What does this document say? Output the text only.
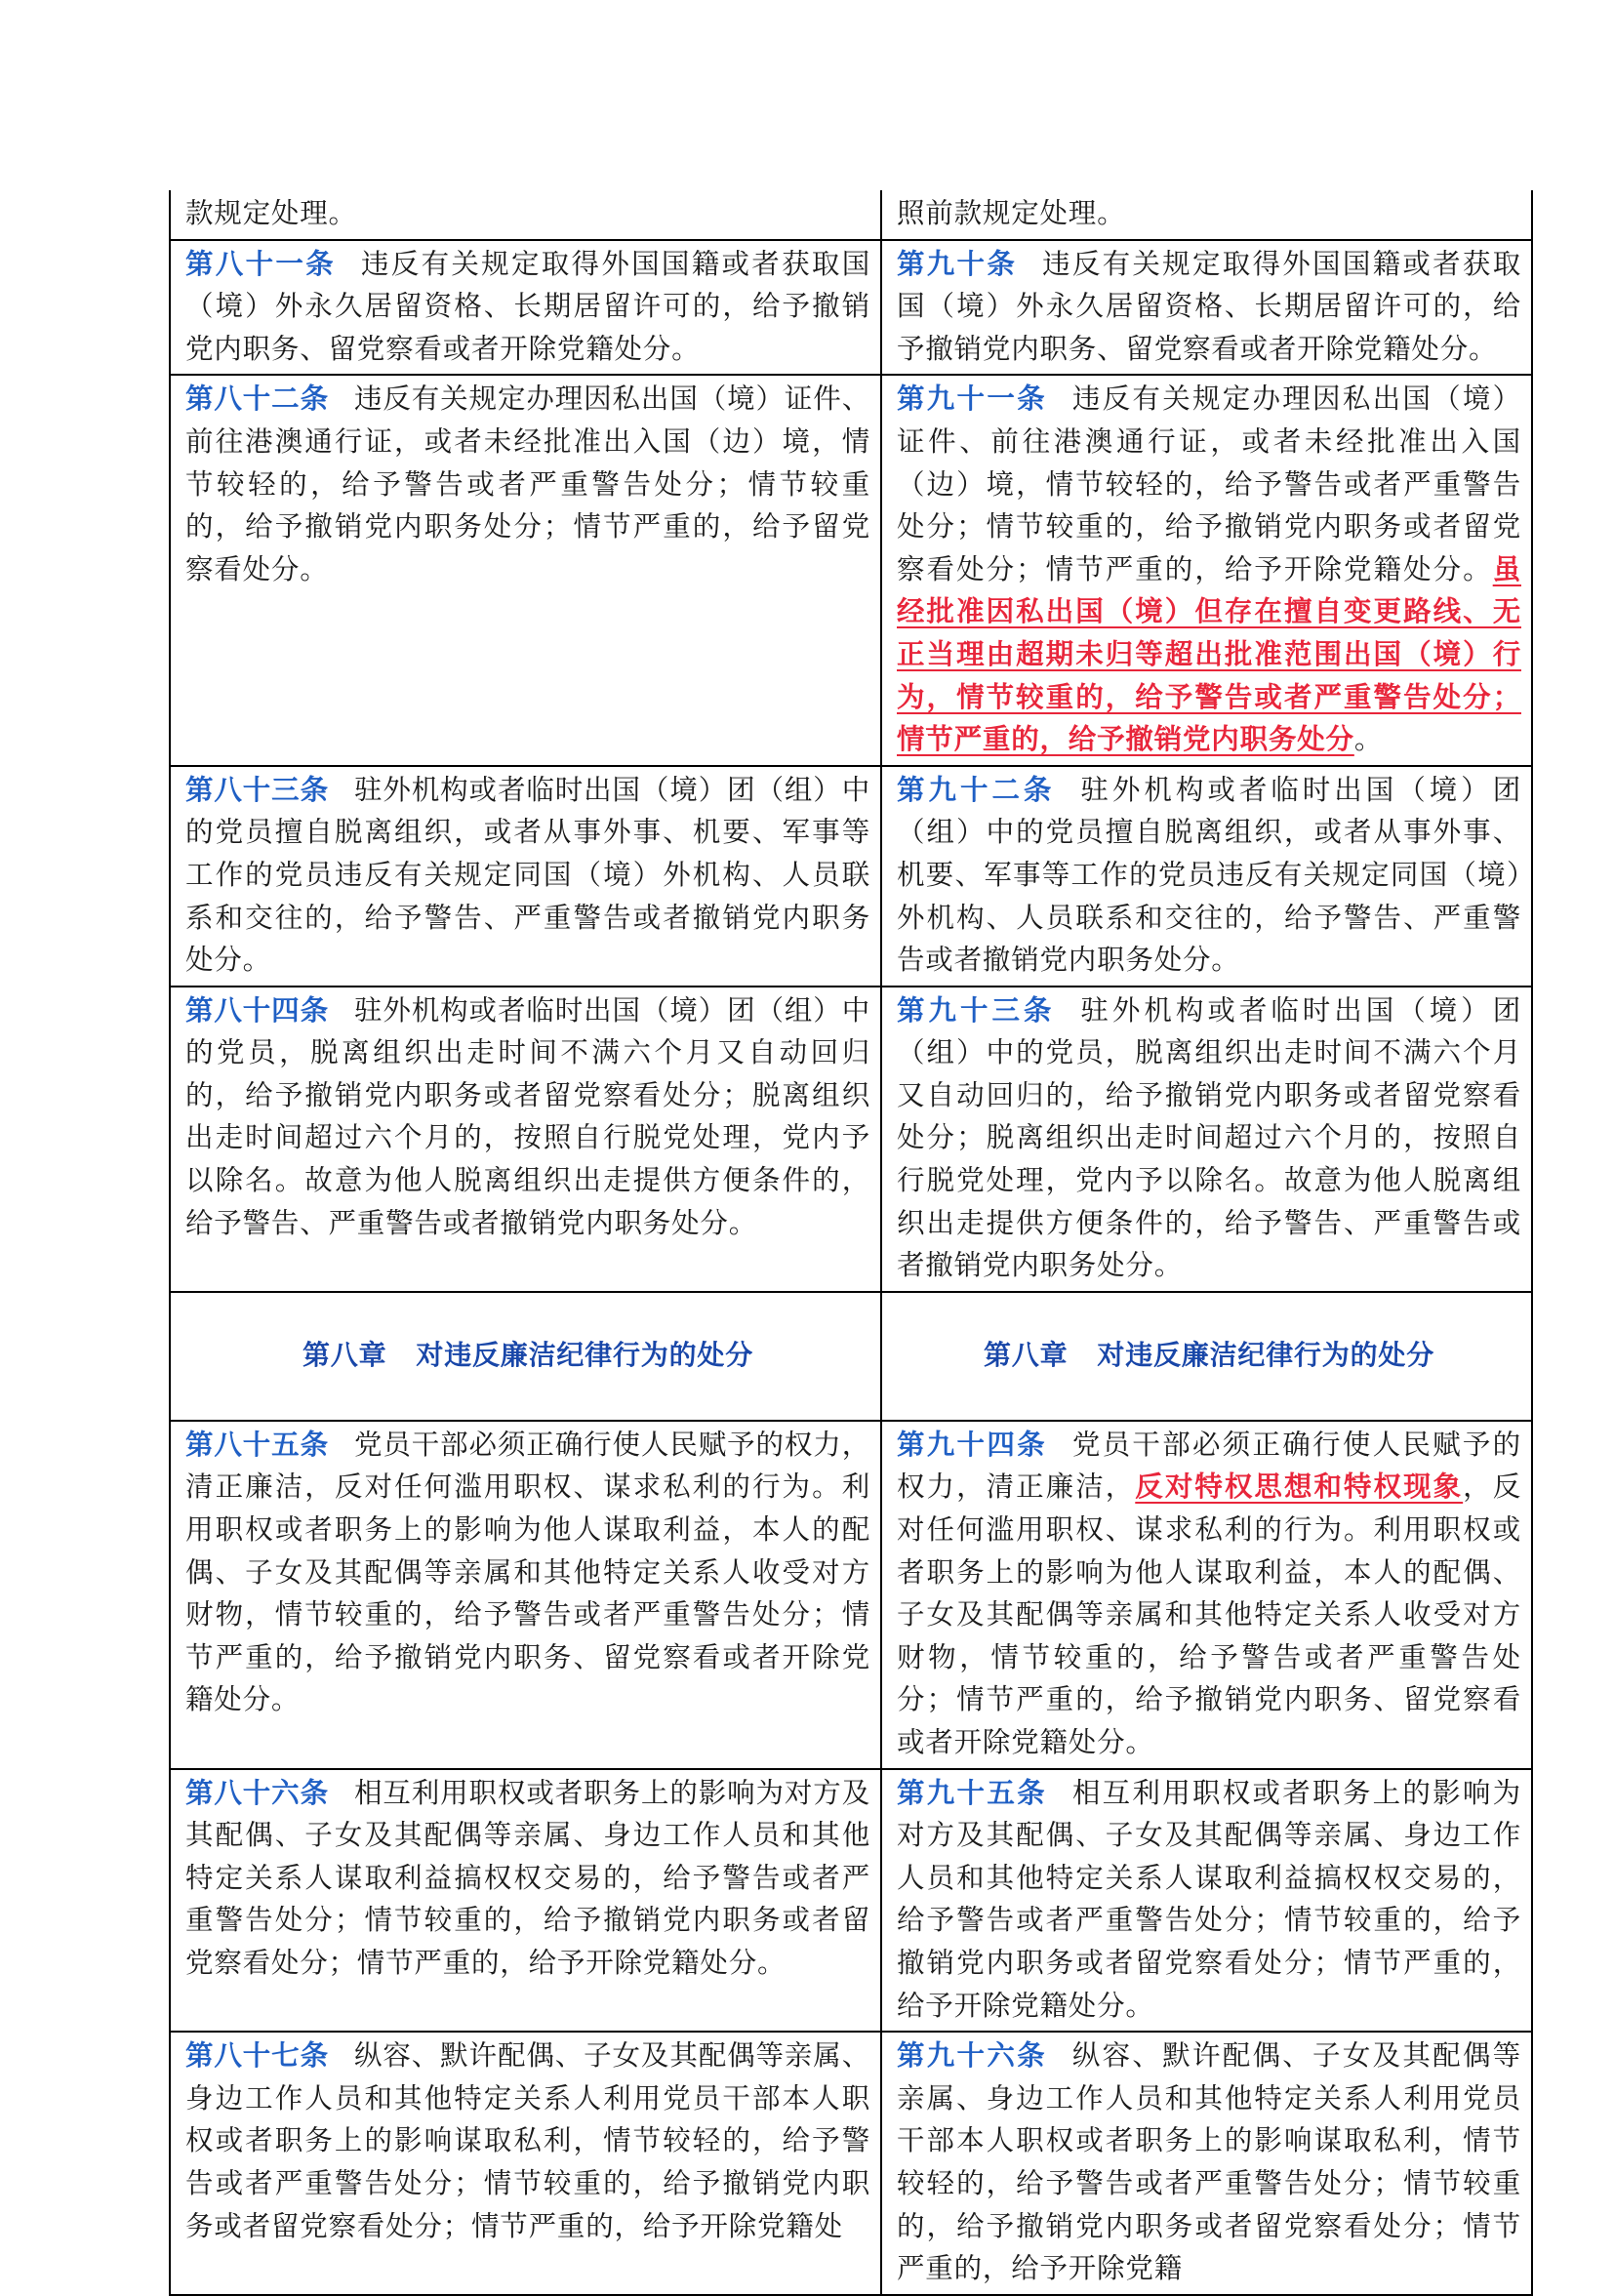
款规定处理。	照前款规定处理。
第八十一条 违反有关规定取得外国国籍或者获取国（境）外永久居留资格、长期居留许可的，给予撤销党内职务、留党察看或者开除党籍处分。	第九十条 违反有关规定取得外国国籍或者获取国（境）外永久居留资格、长期居留许可的，给予撤销党内职务、留党察看或者开除党籍处分。
第八十二条 违反有关规定办理因私出国（境）证件、前往港澳通行证，或者未经批准出入国（边）境，情节较轻的，给予警告或者严重警告处分；情节较重的，给予撤销党内职务处分；情节严重的，给予留党察看处分。	第九十一条 违反有关规定办理因私出国（境）证件、前往港澳通行证，或者未经批准出入国（边）境，情节较轻的，给予警告或者严重警告处分；情节较重的，给予撤销党内职务或者留党察看处分；情节严重的，给予开除党籍处分。虽经批准因私出国（境）但存在擅自变更路线、无正当理由超期未归等超出批准范围出国（境）行为，情节较重的，给予警告或者严重警告处分；情节严重的，给予撤销党内职务处分。
第八十三条 驻外机构或者临时出国（境）团（组）中的党员擅自脱离组织，或者从事外事、机要、军事等工作的党员违反有关规定同国（境）外机构、人员联系和交往的，给予警告、严重警告或者撤销党内职务处分。	第九十二条 驻外机构或者临时出国（境）团（组）中的党员擅自脱离组织，或者从事外事、机要、军事等工作的党员违反有关规定同国（境）外机构、人员联系和交往的，给予警告、严重警告或者撤销党内职务处分。
第八十四条 驻外机构或者临时出国（境）团（组）中的党员，脱离组织出走时间不满六个月又自动回归的，给予撤销党内职务或者留党察看处分；脱离组织出走时间超过六个月的，按照自行脱党处理，党内予以除名。故意为他人脱离组织出走提供方便条件的，给予警告、严重警告或者撤销党内职务处分。	第九十三条 驻外机构或者临时出国（境）团（组）中的党员，脱离组织出走时间不满六个月又自动回归的，给予撤销党内职务或者留党察看处分；脱离组织出走时间超过六个月的，按照自行脱党处理，党内予以除名。故意为他人脱离组织出走提供方便条件的，给予警告、严重警告或者撤销党内职务处分。
第八章 对违反廉洁纪律行为的处分	第八章 对违反廉洁纪律行为的处分
第八十五条 党员干部必须正确行使人民赋予的权力，清正廉洁，反对任何滥用职权、谋求私利的行为。利用职权或者职务上的影响为他人谋取利益，本人的配偶、子女及其配偶等亲属和其他特定关系人收受对方财物，情节较重的，给予警告或者严重警告处分；情节严重的，给予撤销党内职务、留党察看或者开除党籍处分。	第九十四条 党员干部必须正确行使人民赋予的权力，清正廉洁，反对特权思想和特权现象，反对任何滥用职权、谋求私利的行为。利用职权或者职务上的影响为他人谋取利益，本人的配偶、子女及其配偶等亲属和其他特定关系人收受对方财物，情节较重的，给予警告或者严重警告处分；情节严重的，给予撤销党内职务、留党察看或者开除党籍处分。
第八十六条 相互利用职权或者职务上的影响为对方及其配偶、子女及其配偶等亲属、身边工作人员和其他特定关系人谋取利益搞权权交易的，给予警告或者严重警告处分；情节较重的，给予撤销党内职务或者留党察看处分；情节严重的，给予开除党籍处分。	第九十五条 相互利用职权或者职务上的影响为对方及其配偶、子女及其配偶等亲属、身边工作人员和其他特定关系人谋取利益搞权权交易的，给予警告或者严重警告处分；情节较重的，给予撤销党内职务或者留党察看处分；情节严重的，给予开除党籍处分。
第八十七条 纵容、默许配偶、子女及其配偶等亲属、身边工作人员和其他特定关系人利用党员干部本人职权或者职务上的影响谋取私利，情节较轻的，给予警告或者严重警告处分；情节较重的，给予撤销党内职务或者留党察看处分；情节严重的，给予开除党籍处	第九十六条 纵容、默许配偶、子女及其配偶等亲属、身边工作人员和其他特定关系人利用党员干部本人职权或者职务上的影响谋取私利，情节较轻的，给予警告或者严重警告处分；情节较重的，给予撤销党内职务或者留党察看处分；情节严重的，给予开除党籍
